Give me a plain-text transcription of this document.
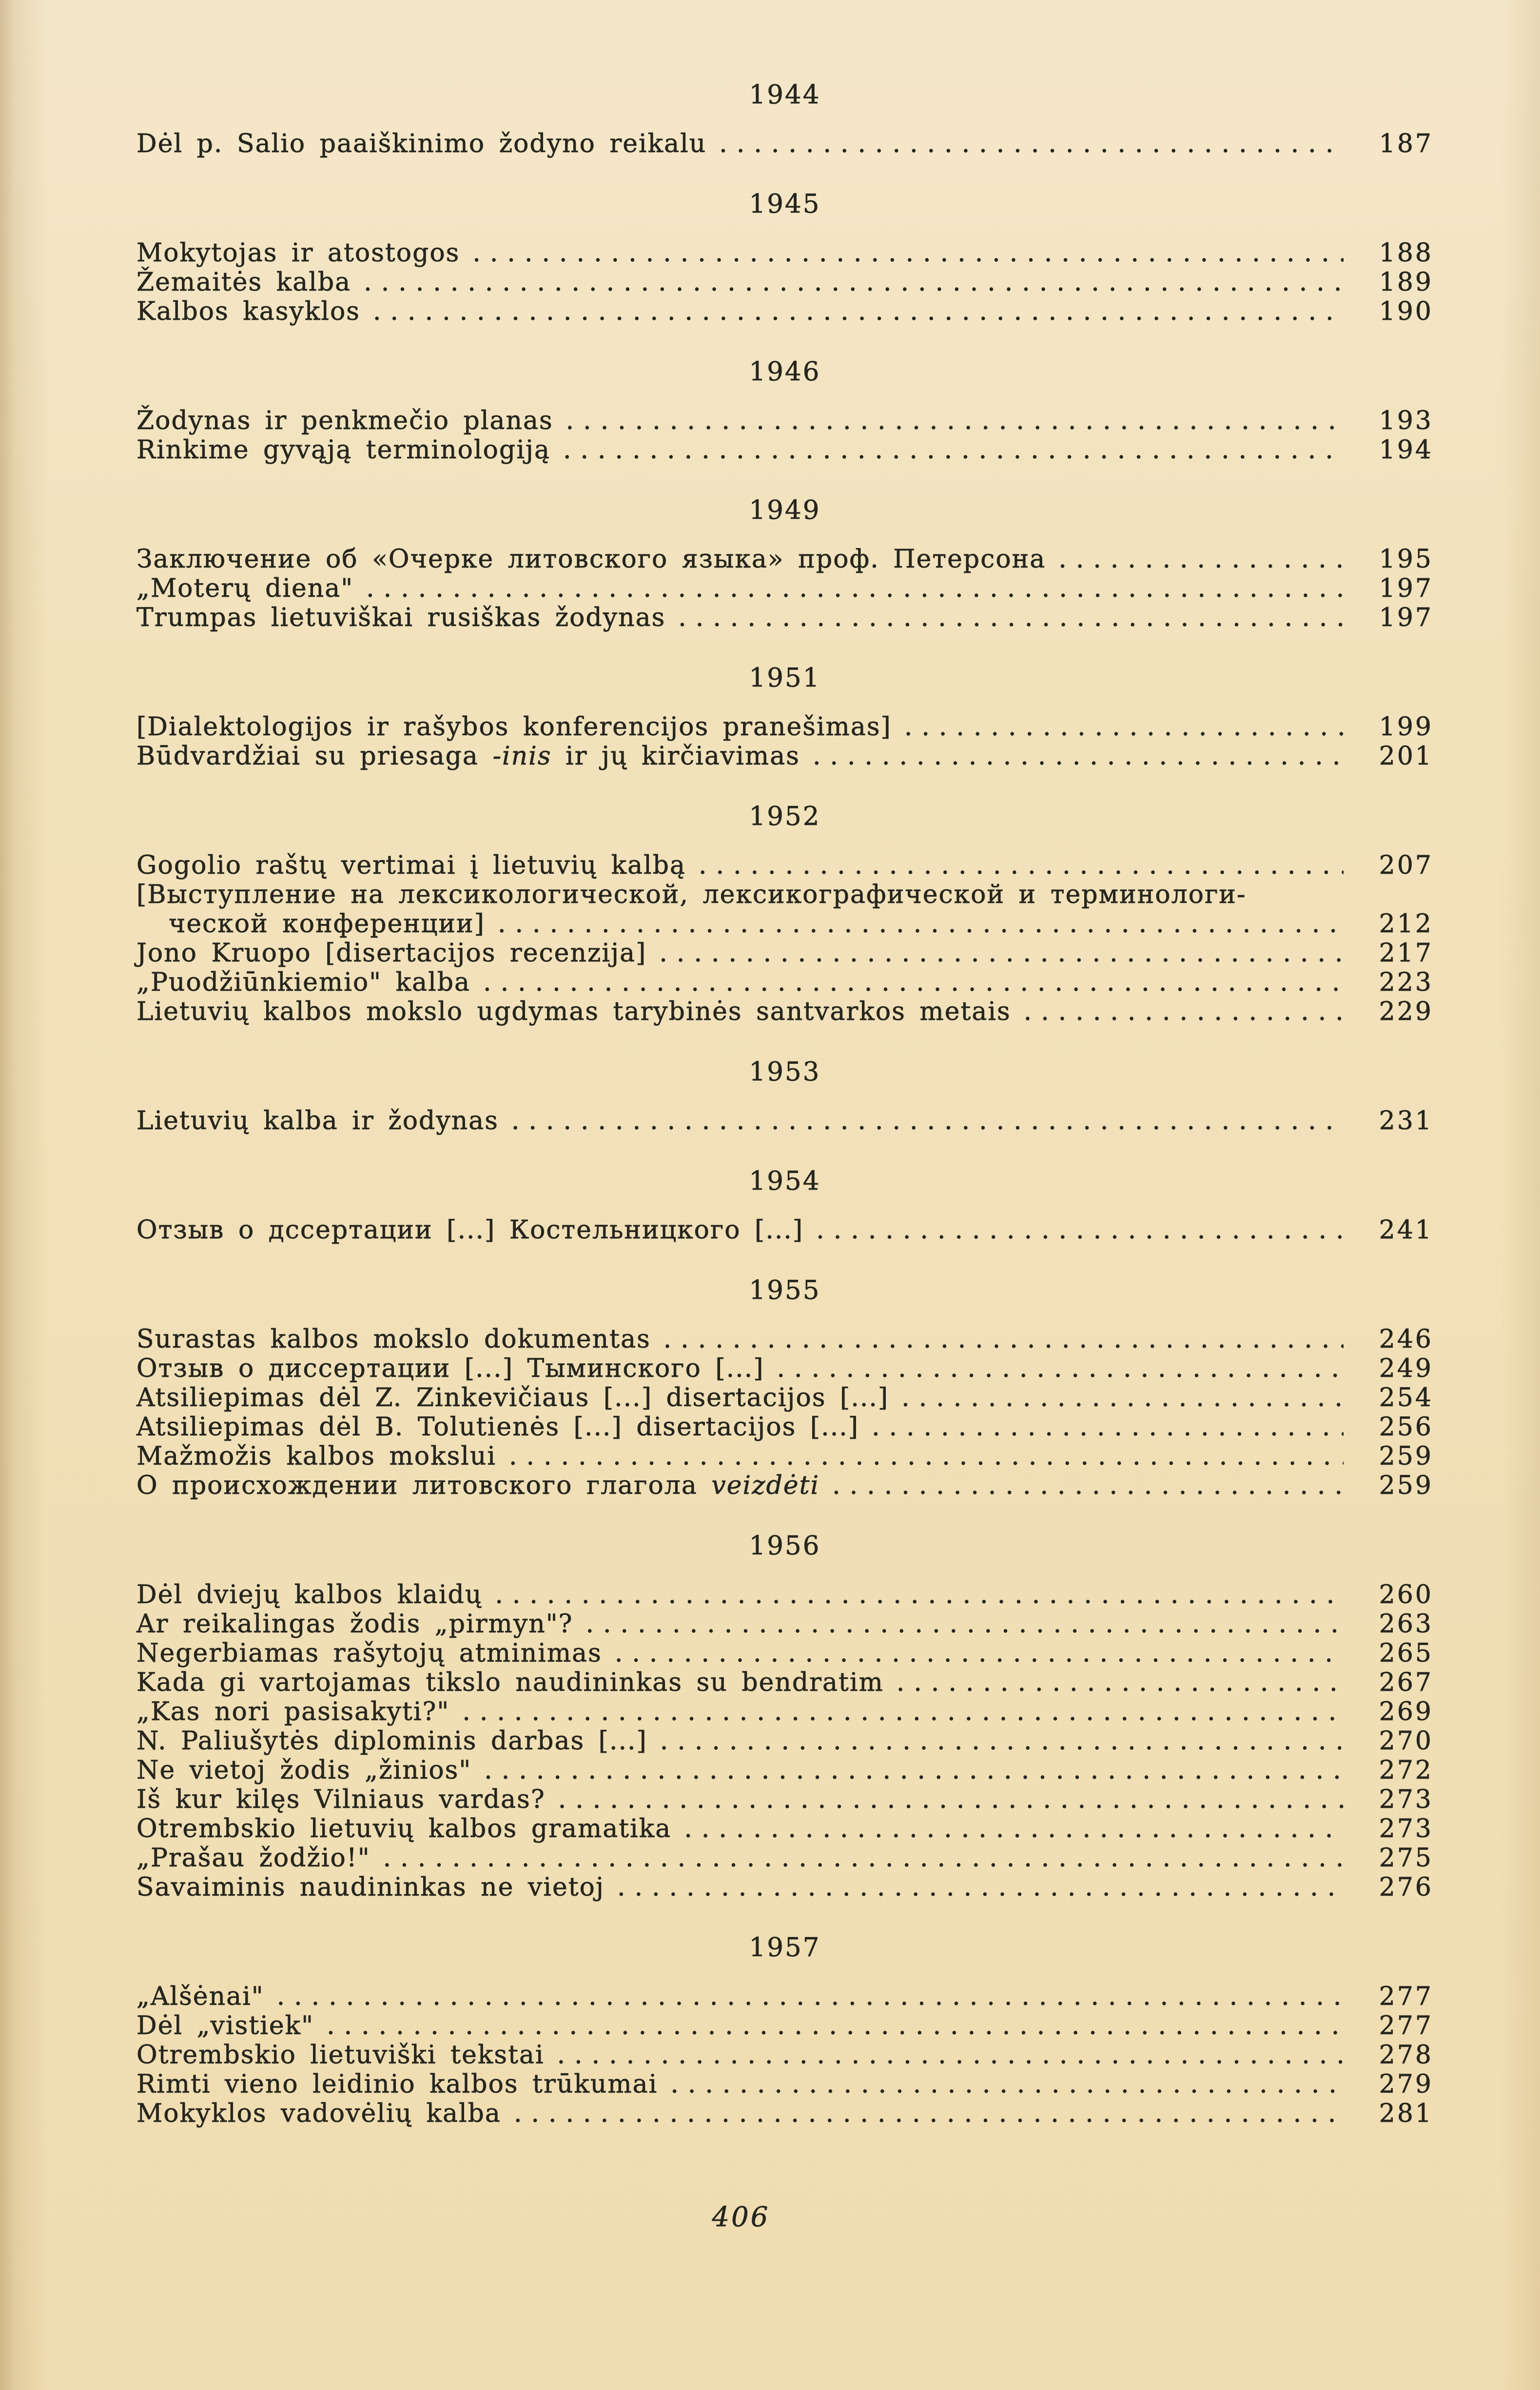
1944
Dėl p. Salio paaiškinimo žodyno reikalu .....	187
1945
Mokytojas ir atostogos .....	188
Žemaitės kalba .....	189
Kalbos kasyklos .....	190
1946
Žodynas ir penkmečio planas .....	193
Rinkime gyvąją terminologiją .....	194
1949
Заключение об «Очерке литовского языка» проф. Петерсона .....	195
„Moterų diena" .....	197
Trumpas lietuviškai rusiškas žodynas .....	197
1951
[Dialektologijos ir rašybos konferencijos pranešimas] .....	199
Būdvardžiai su priesaga -inis ir jų kirčiavimas .....	201
1952
Gogolio raštų vertimai į lietuvių kalbą .....	207
[Выступление на лексикологической, лексикографической и терминологи-
ческой конференции] .....	212
Jono Kruopo [disertacijos recenzija] .....	217
„Puodžiūnkiemio" kalba .....	223
Lietuvių kalbos mokslo ugdymas tarybinės santvarkos metais .....	229
1953
Lietuvių kalba ir žodynas .....	231
1954
Отзыв о дссертации [...] Костельницкого [...] .....	241
1955
Surastas kalbos mokslo dokumentas .....	246
Отзыв о диссертации [...] Тыминского [...] .....	249
Atsiliepimas dėl Z. Zinkevičiaus [...] disertacijos [...] .....	254
Atsiliepimas dėl B. Tolutienės [...] disertacijos [...] .....	256
Mažmožis kalbos mokslui .....	259
О происхождении литовского глагола veizdėti .....	259
1956
Dėl dviejų kalbos klaidų .....	260
Ar reikalingas žodis „pirmyn"? .....	263
Negerbiamas rašytojų atminimas .....	265
Kada gi vartojamas tikslo naudininkas su bendratim .....	267
„Kas nori pasisakyti?" .....	269
N. Paliušytės diplominis darbas [...] .....	270
Ne vietoj žodis „žinios" .....	272
Iš kur kilęs Vilniaus vardas? .....	273
Otrembskio lietuvių kalbos gramatika .....	273
„Prašau žodžio!" .....	275
Savaiminis naudininkas ne vietoj .....	276
1957
„Alšėnai" .....	277
Dėl „vistiek" .....	277
Otrembskio lietuviški tekstai .....	278
Rimti vieno leidinio kalbos trūkumai .....	279
Mokyklos vadovėlių kalba .....	281
406
